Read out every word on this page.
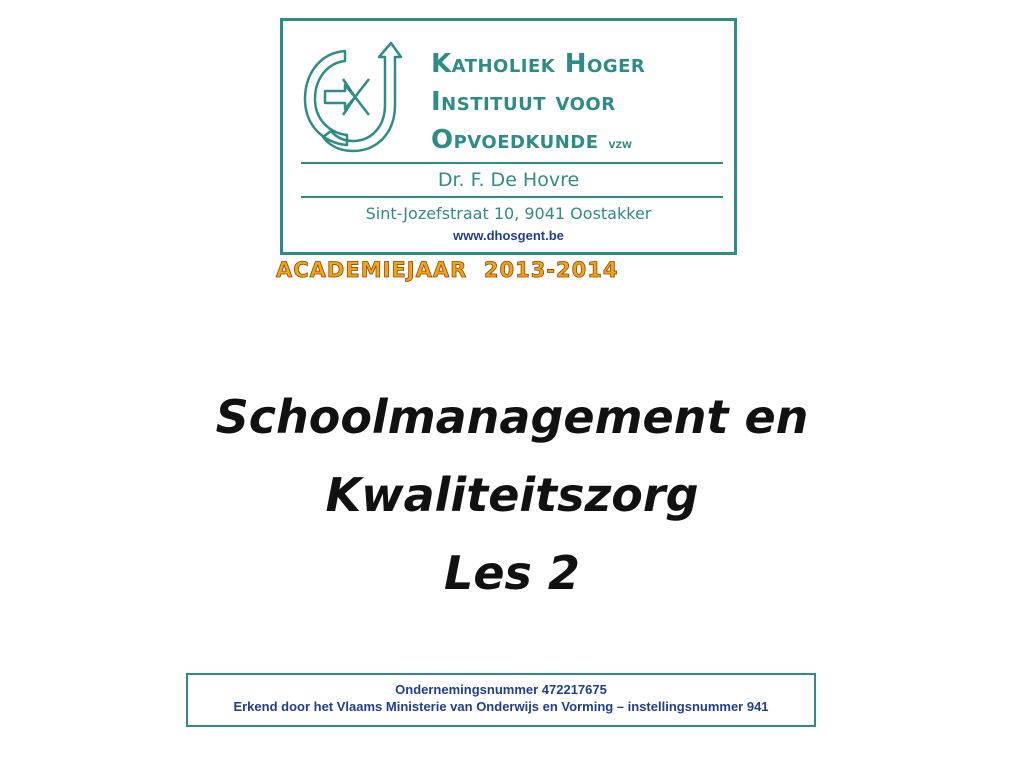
Katholiek Hoger
Instituut voor
Opvoedkunde vzw
Dr. F. De Hovre
Sint-Jozefstraat 10, 9041 Oostakker
www.dhosgent.be
ACADEMIEJAAR  2013-2014
Schoolmanagement en
Kwaliteitszorg
Les 2
Ondernemingsnummer 472217675
Erkend door het Vlaams Ministerie van Onderwijs en Vorming – instellingsnummer 941
